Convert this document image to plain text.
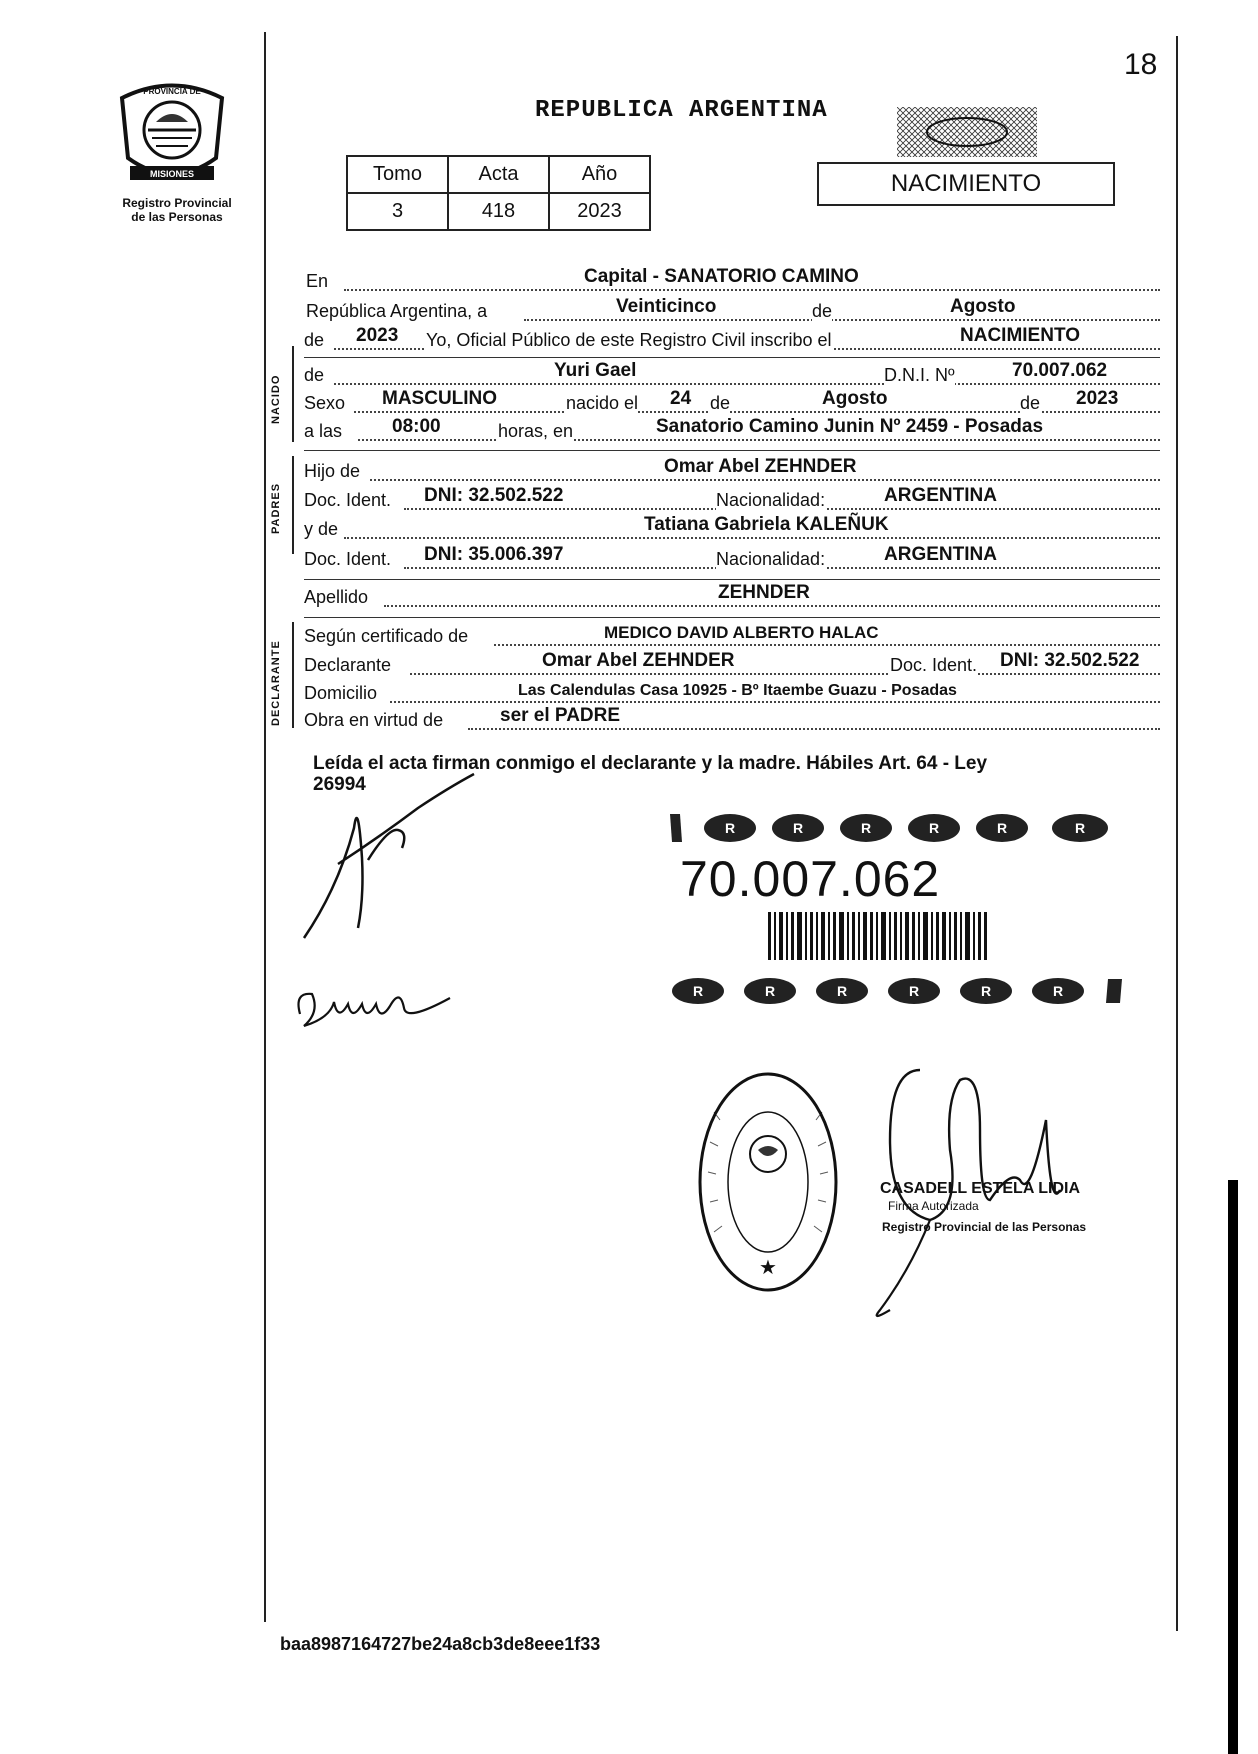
18
MISIONES
PROVINCIA DE
Registro Provincial
de las Personas
REPUBLICA ARGENTINA
Tomo	Acta	Año
3	418	2023
NACIMIENTO
NACIDO
PADRES
DECLARANTE
En	Capital - SANATORIO CAMINO
República Argentina, a	Veinticinco	de	Agosto
de 2023 Yo, Oficial Público de este Registro Civil inscribo el	NACIMIENTO
de	Yuri Gael	D.N.I. Nº	70.007.062
Sexo MASCULINO	nacido el 24 de	Agosto	de 2023
a las	08:00	horas, en	Sanatorio Camino Junin Nº 2459 - Posadas
Hijo de	Omar Abel ZEHNDER
Doc. Ident. DNI: 32.502.522	Nacionalidad:	ARGENTINA
y de	Tatiana Gabriela KALEÑUK
Doc. Ident. DNI: 35.006.397	Nacionalidad:	ARGENTINA
Apellido	ZEHNDER
Según certificado de	MEDICO DAVID ALBERTO HALAC
Declarante	Omar Abel ZEHNDER	Doc. Ident. DNI: 32.502.522
Domicilio	Las Calendulas Casa 10925 - Bº Itaembe Guazu - Posadas
Obra en virtud de	ser el PADRE
Leída el acta firman conmigo el declarante y la madre. Hábiles Art. 64 - Ley
26994
R	R	R	R	R	R
70.007.062
R	R	R	R	R	R
★
CASADELL ESTELA LIDIA
Firma Autorizada
Registro Provincial de las Personas
baa8987164727be24a8cb3de8eee1f33
